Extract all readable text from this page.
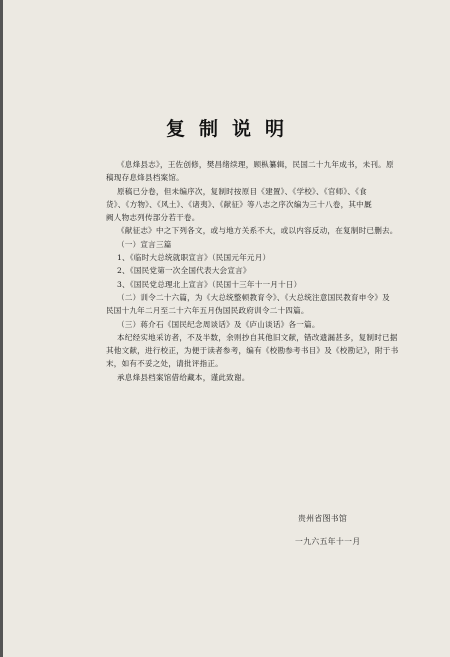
复制说明
《息烽县志》，王佐创修，樊昌绪续理，顾枞纂辑，民国二十九年成书，未刊。原
稿现存息烽县档案馆。
原稿已分卷，但未编序次，复制时按原目《建置》、《学校》、《官师》、《食
货》、《方物》、《风土》、《诸夷》、《献征》等八志之序次编为三十八卷，其中厩
阙人物志列传部分若干卷。
《献征志》中之下列各文，或与地方关系不大，或以内容反动，在复制时已删去。
（一）宣言三篇
1、《临时大总统就职宣言》（民国元年元月）
2、《国民党第一次全国代表大会宣言》
3、《国民党总理北上宣言》（民国十三年十一月十日）
（二）训令二十六篇，为《大总统整顿教育令》、《大总统注意国民教育申令》及
民国十九年二月至二十六年五月伪国民政府训令二十四篇。
（三）蒋介石《国民纪念周谈话》及《庐山谈话》各一篇。
本纪经实地采访者，不及半数，余则抄自其他旧文献，错改遗漏甚多，复制时已据
其他文献，进行校正，为便于读者参考，编有《校勘参考书目》及《校勘记》，附于书
末，如有不妥之处，请批评指正。
承息烽县档案馆借给藏本，谨此致谢。
贵州省图书馆
一九六五年十一月
